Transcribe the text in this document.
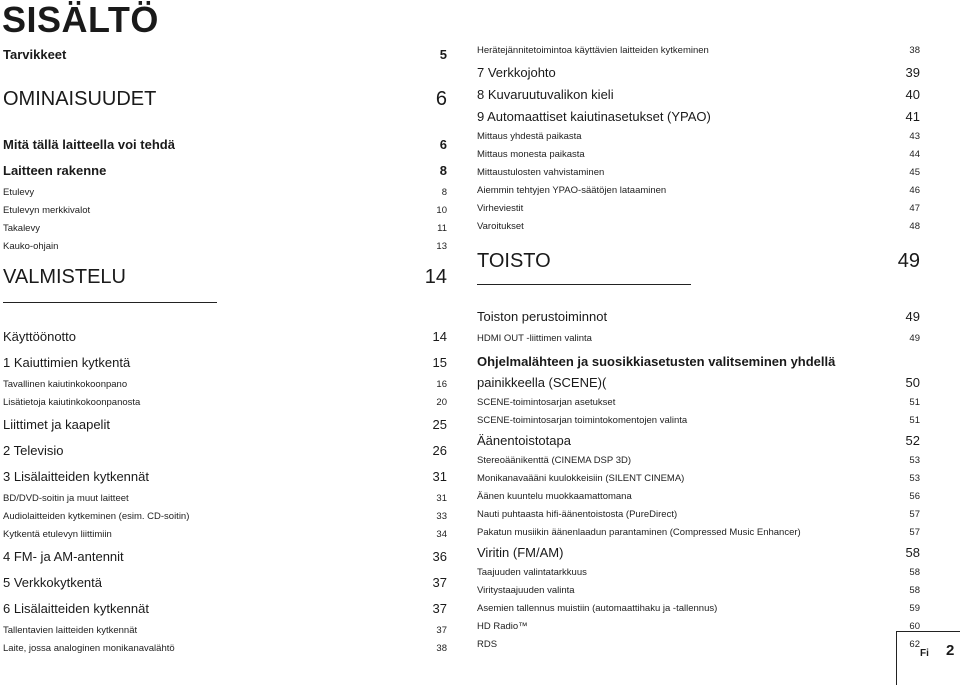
SISÄLTÖ
Tarvikkeet	5
OMINAISUUDET	6
Mitä tällä laitteella voi tehdä	6
Laitteen rakenne	8
Etulevy	8
Etulevyn merkkivalot	10
Takalevy	11
Kauko-ohjain	13
VALMISTELU	14
Käyttöönotto	14
1 Kaiuttimien kytkentä	15
Tavallinen kaiutinkokoonpano	16
Lisätietoja kaiutinkokoonpanosta	20
Liittimet ja kaapelit	25
2 Televisio	26
3 Lisälaitteiden kytkennät	31
BD/DVD-soitin ja muut laitteet	31
Audiolaitteiden kytkeminen (esim. CD-soitin)	33
Kytkentä etulevyn liittimiin	34
4 FM- ja AM-antennit	36
5 Verkkokytkentä	37
6 Lisälaitteiden kytkennät	37
Tallentavien laitteiden kytkennät	37
Laite, jossa analoginen monikanavalähtö	38
Herätejännitetoimintoa käyttävien laitteiden kytkeminen	38
7 Verkkojohto	39
8 Kuvaruutuvalikon kieli	40
9 Automaattiset kaiutinasetukset (YPAO)	41
Mittaus yhdestä paikasta	43
Mittaus monesta paikasta	44
Mittaustulosten vahvistaminen	45
Aiemmin tehtyjen YPAO-säätöjen lataaminen	46
Virheviestit	47
Varoitukset	48
TOISTO	49
Toiston perustoiminnot	49
HDMI OUT -liittimen valinta	49
Ohjelmalähteen ja suosikkiasetusten valitseminen yhdellä
painikkeella (SCENE)(	50
SCENE-toimintosarjan asetukset	51
SCENE-toimintosarjan toimintokomentojen valinta	51
Äänentoistotapa	52
Stereoäänikenttä (CINEMA DSP 3D)	53
Monikanavaääni kuulokkeisiin (SILENT CINEMA)	53
Äänen kuuntelu muokkaamattomana	56
Nauti puhtaasta hifi-äänentoistosta (PureDirect)	57
Pakatun musiikin äänenlaadun parantaminen (Compressed Music Enhancer)	57
Viritin (FM/AM)	58
Taajuuden valintatarkkuus	58
Viritystaajuuden valinta	58
Asemien tallennus muistiin (automaattihaku ja -tallennus)	59
HD Radio™	60
RDS	62
Fi 2
